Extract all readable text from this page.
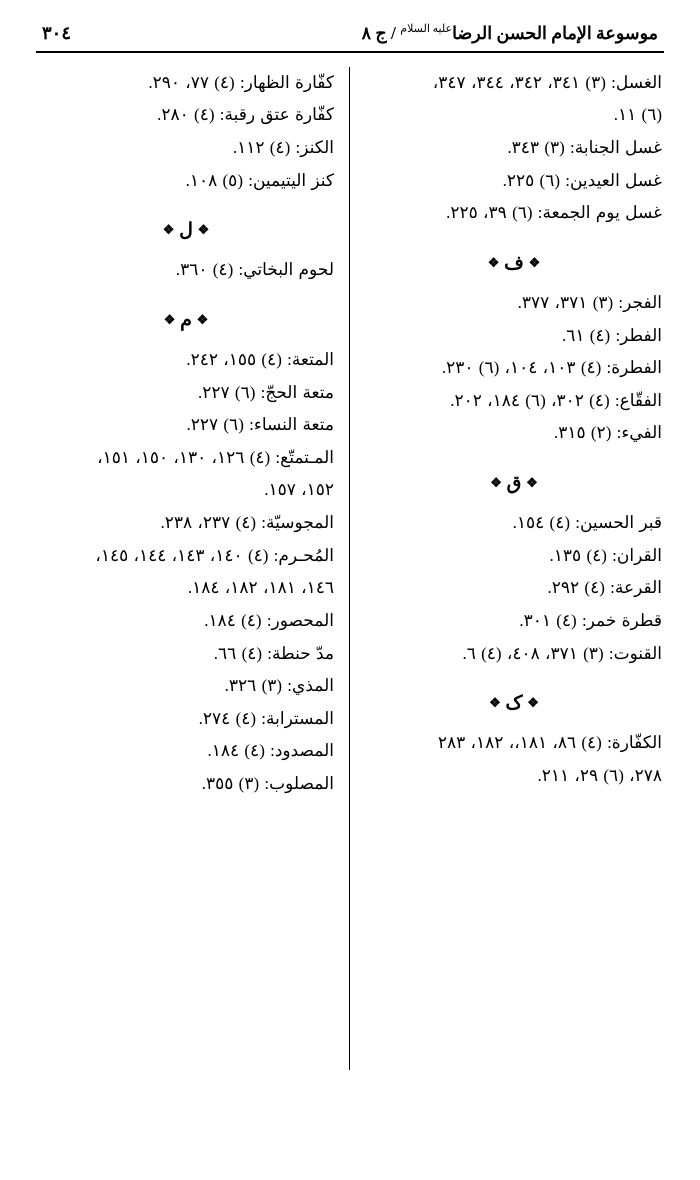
موسوعة الإمام الحسن الرضا$^{عليه السلام}$ / ج ٨
٣٠٤
الغسل: (٣) ٣٤١، ٣٤٢، ٣٤٤، ٣٤٧،
(٦) ١١.
غسل الجنابة: (٣) ٣٤٣.
غسل العيدين: (٦) ٢٢٥.
غسل يوم الجمعة: (٦) ٣٩، ٢٢٥.
❖ ف ❖
الفجر: (٣) ٣٧١، ٣٧٧.
الفطر: (٤) ٦١.
الفطرة: (٤) ١٠٣، ١٠٤، (٦) ٢٣٠.
الفقّاع: (٤) ٣٠٢، (٦) ١٨٤، ٢٠٢.
الفيء: (٢) ٣١٥.
❖ ق ❖
قبر الحسين: (٤) ١٥٤.
القران: (٤) ١٣٥.
القرعة: (٤) ٢٩٢.
قطرة خمر: (٤) ٣٠١.
القنوت: (٣) ٣٧١، ٤٠٨، (٤) ٦.
❖ ک ❖
الكفّارة: (٤) ٨٦، ١٨١،، ١٨٢، ٢٨٣
٢٧٨، (٦) ٢٩، ٢١١.
كفّارة الظهار: (٤) ٧٧، ٢٩٠.
كفّارة عتق رقبة: (٤) ٢٨٠.
الكنز: (٤) ١١٢.
كنز اليتيمين: (٥) ١٠٨.
❖ ل ❖
لحوم البخاتي: (٤) ٣٦٠.
❖ م ❖
المتعة: (٤) ١٥٥، ٢٤٢.
متعة الحجّ: (٦) ٢٢٧.
متعة النساء: (٦) ٢٢٧.
المـتمتّع: (٤) ١٢٦، ١٣٠، ١٥٠، ١٥١،
١٥٢، ١٥٧.
المجوسيّة: (٤) ٢٣٧، ٢٣٨.
المُحـرم: (٤) ١٤٠، ١٤٣، ١٤٤، ١٤٥،
١٤٦، ١٨١، ١٨٢، ١٨٤.
المحصور: (٤) ١٨٤.
مدّ حنطة: (٤) ٦٦.
المذي: (٣) ٣٢٦.
المسترابة: (٤) ٢٧٤.
المصدود: (٤) ١٨٤.
المصلوب: (٣) ٣٥٥.
